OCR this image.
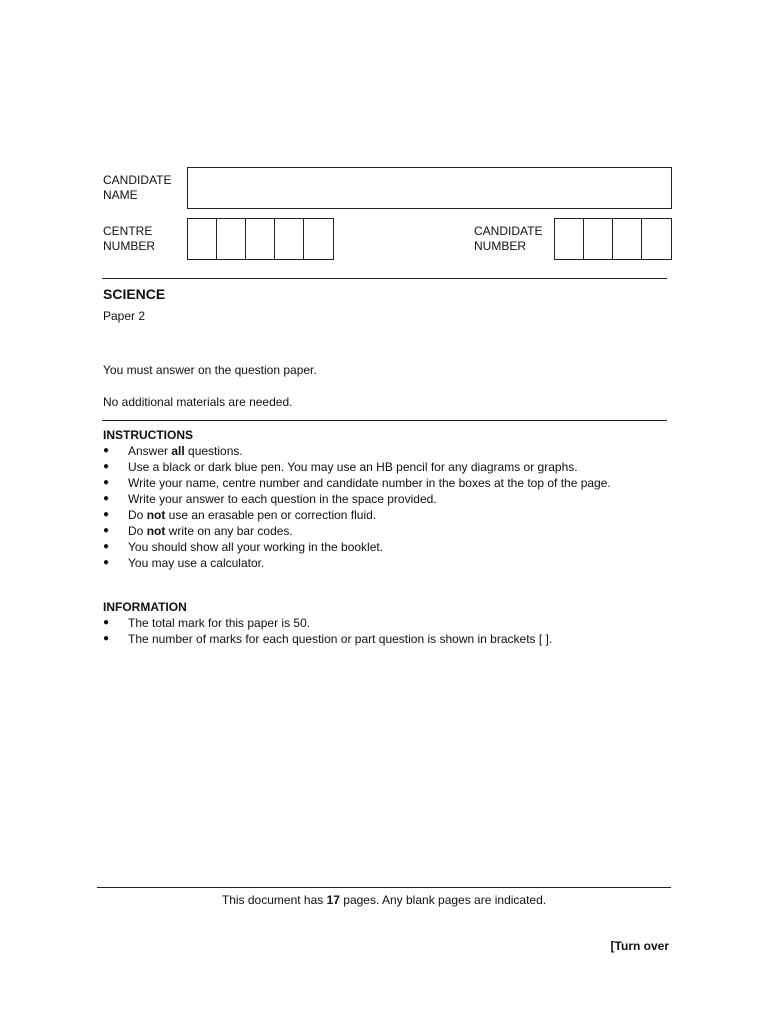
CANDIDATE
NAME
CENTRE
NUMBER
CANDIDATE
NUMBER
SCIENCE
Paper 2
You must answer on the question paper.
No additional materials are needed.
INSTRUCTIONS
● Answer all questions.
● Use a black or dark blue pen. You may use an HB pencil for any diagrams or graphs.
● Write your name, centre number and candidate number in the boxes at the top of the page.
● Write your answer to each question in the space provided.
● Do not use an erasable pen or correction fluid.
● Do not write on any bar codes.
● You should show all your working in the booklet.
● You may use a calculator.
INFORMATION
● The total mark for this paper is 50.
● The number of marks for each question or part question is shown in brackets [ ].
This document has 17 pages. Any blank pages are indicated.
[Turn over
